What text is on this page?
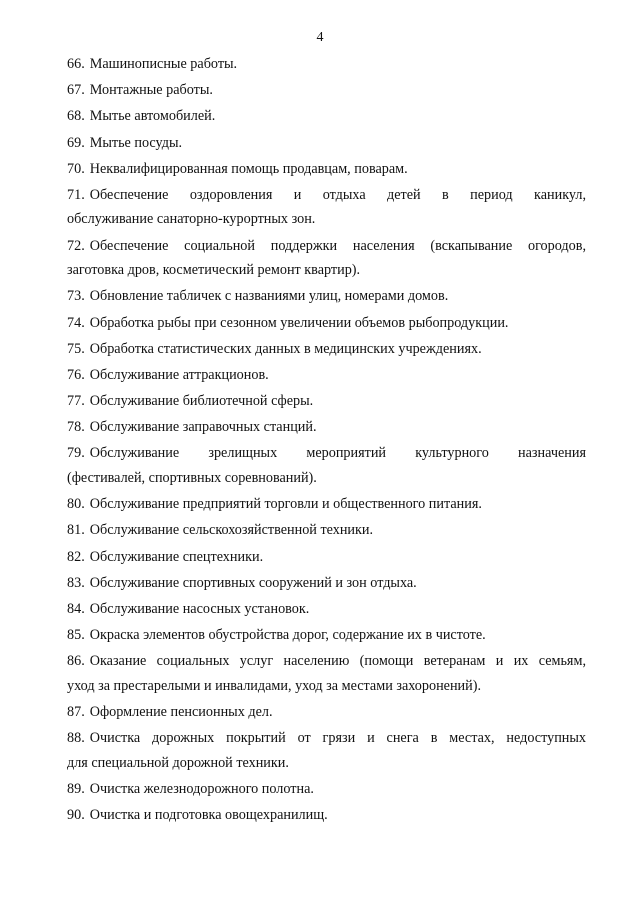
4
66. Машинописные работы.
67. Монтажные работы.
68. Мытье автомобилей.
69. Мытье посуды.
70. Неквалифицированная помощь продавцам, поварам.
71. Обеспечение оздоровления и отдыха детей в период каникул,
обслуживание санаторно-курортных зон.
72. Обеспечение социальной поддержки населения (вскапывание огородов,
заготовка дров, косметический ремонт квартир).
73. Обновление табличек с названиями улиц, номерами домов.
74. Обработка рыбы при сезонном увеличении объемов рыбопродукции.
75. Обработка статистических данных в медицинских учреждениях.
76. Обслуживание аттракционов.
77. Обслуживание библиотечной сферы.
78. Обслуживание заправочных станций.
79. Обслуживание зрелищных мероприятий культурного назначения
(фестивалей, спортивных соревнований).
80. Обслуживание предприятий торговли и общественного питания.
81. Обслуживание сельскохозяйственной техники.
82. Обслуживание спецтехники.
83. Обслуживание спортивных сооружений и зон отдыха.
84. Обслуживание насосных установок.
85. Окраска элементов обустройства дорог, содержание их в чистоте.
86. Оказание социальных услуг населению (помощи ветеранам и их семьям,
уход за престарелыми и инвалидами, уход за местами захоронений).
87. Оформление пенсионных дел.
88. Очистка дорожных покрытий от грязи и снега в местах, недоступных
для специальной дорожной техники.
89. Очистка железнодорожного полотна.
90. Очистка и подготовка овощехранилищ.
